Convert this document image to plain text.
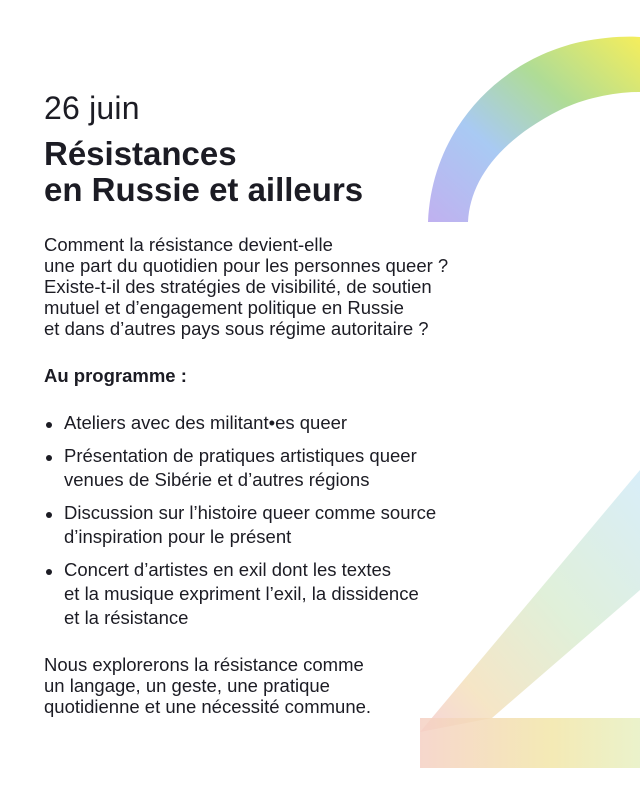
26 juin
Résistances
en Russie et ailleurs
Comment la résistance devient-elle
une part du quotidien pour les personnes queer ?
Existe-t-il des stratégies de visibilité, de soutien
mutuel et d’engagement politique en Russie
et dans d’autres pays sous régime autoritaire ?
Au programme :
Ateliers avec des militant•es queer
Présentation de pratiques artistiques queer
venues de Sibérie et d’autres régions
Discussion sur l’histoire queer comme source
d’inspiration pour le présent
Concert d’artistes en exil dont les textes
et la musique expriment l’exil, la dissidence
et la résistance
Nous explorerons la résistance comme
un langage, un geste, une pratique
quotidienne et une nécessité commune.
